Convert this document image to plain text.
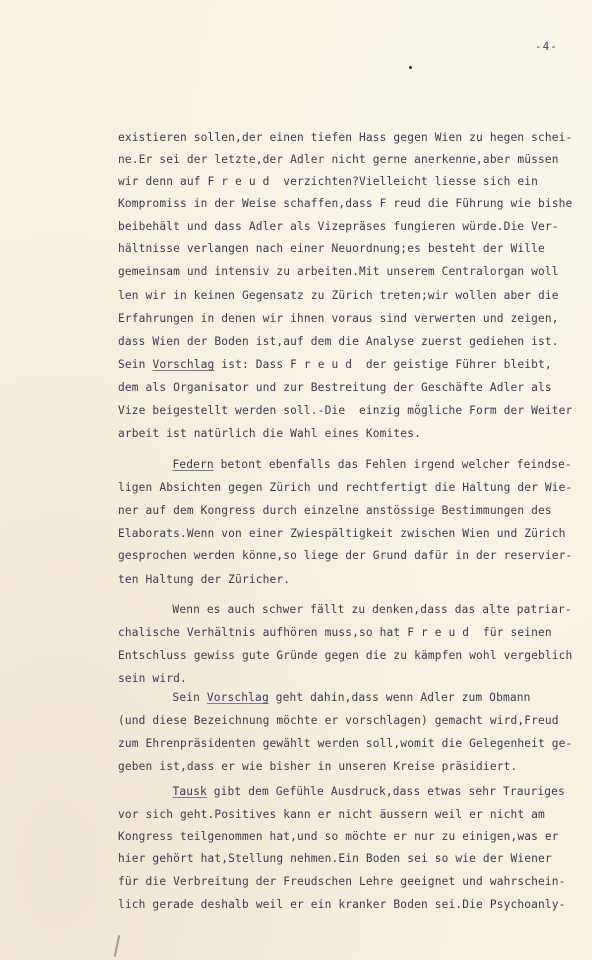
-4-
existieren sollen,der einen tiefen Hass gegen Wien zu hegen schei-
ne.Er sei der letzte,der Adler nicht gerne anerkenne,aber müssen
wir denn auf F r e u d  verzichten?Vielleicht liesse sich ein
Kompromiss in der Weise schaffen,dass F reud die Führung wie bishe
beibehält und dass Adler als Vizepräses fungieren würde.Die Ver-
hältnisse verlangen nach einer Neuordnung;es besteht der Wille
gemeinsam und intensiv zu arbeiten.Mit unserem Centralorgan woll
len wir in keinen Gegensatz zu Zürich treten;wir wollen aber die
Erfahrungen in denen wir ihnen voraus sind verwerten und zeigen,
dass Wien der Boden ist,auf dem die Analyse zuerst gediehen ist.
Sein Vorschlag ist: Dass F r e u d  der geistige Führer bleibt,
dem als Organisator und zur Bestreitung der Geschäfte Adler als
Vize beigestellt werden soll.-Die  einzig mögliche Form der Weiter
arbeit ist natürlich die Wahl eines Komites.
Federn betont ebenfalls das Fehlen irgend welcher feindse-
ligen Absichten gegen Zürich und rechtfertigt die Haltung der Wie-
ner auf dem Kongress durch einzelne anstössige Bestimmungen des
Elaborats.Wenn von einer Zwiespältigkeit zwischen Wien und Zürich
gesprochen werden könne,so liege der Grund dafür in der reservier-
ten Haltung der Züricher.
Wenn es auch schwer fällt zu denken,dass das alte patriar-
chalische Verhältnis aufhören muss,so hat F r e u d  für seinen
Entschluss gewiss gute Gründe gegen die zu kämpfen wohl vergeblich
sein wird.
Sein Vorschlag geht dahin,dass wenn Adler zum Obmann
(und diese Bezeichnung möchte er vorschlagen) gemacht wird,Freud
zum Ehrenpräsidenten gewählt werden soll,womit die Gelegenheit ge-
geben ist,dass er wie bisher in unseren Kreise präsidiert.
Tausk gibt dem Gefühle Ausdruck,dass etwas sehr Trauriges
vor sich geht.Positives kann er nicht äussern weil er nicht am
Kongress teilgenommen hat,und so möchte er nur zu einigen,was er
hier gehört hat,Stellung nehmen.Ein Boden sei so wie der Wiener
für die Verbreitung der Freudschen Lehre geeignet und wahrschein-
lich gerade deshalb weil er ein kranker Boden sei.Die Psychoanly-
